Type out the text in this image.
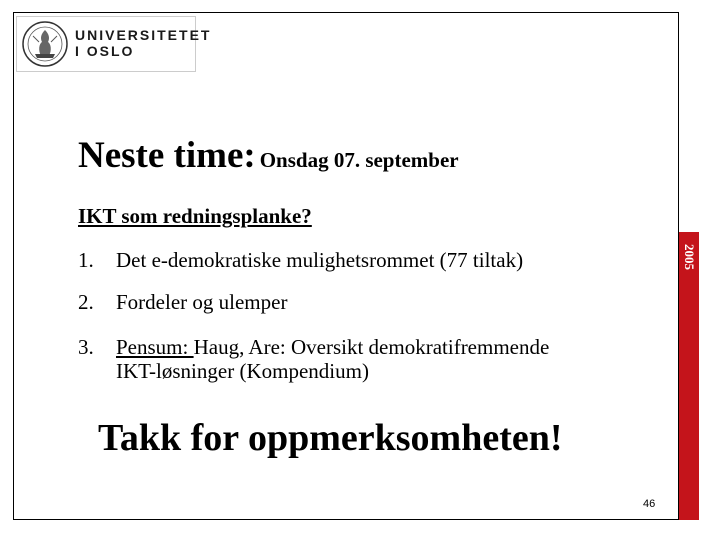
UNIVERSITETET
I OSLO
2005
Neste time: Onsdag 07. september
IKT som redningsplanke?
1. Det e-demokratiske mulighetsrommet (77 tiltak)
2. Fordeler og ulemper
3. Pensum: Haug, Are: Oversikt demokratifremmende
IKT-løsninger (Kompendium)
Takk for oppmerksomheten!
46
